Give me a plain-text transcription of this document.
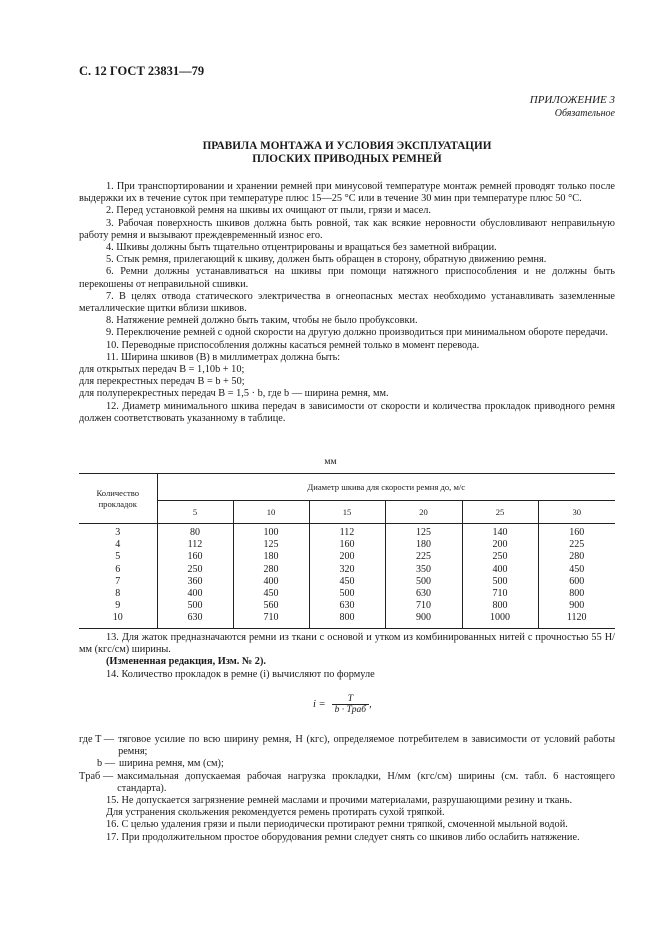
С. 12 ГОСТ 23831—79
ПРИЛОЖЕНИЕ 3
Обязательное
ПРАВИЛА МОНТАЖА И УСЛОВИЯ ЭКСПЛУАТАЦИИ
ПЛОСКИХ ПРИВОДНЫХ РЕМНЕЙ

1. При транспортировании и хранении ремней при минусовой температуре монтаж ремней проводят только после выдержки их в течение суток при температуре плюс 15—25 °С или в течение 30 мин при температуре плюс 50 °С.

2. Перед установкой ремня на шкивы их очищают от пыли, грязи и масел.

3. Рабочая поверхность шкивов должна быть ровной, так как всякие неровности обусловливают неправильную работу ремня и вызывают преждевременный износ его.

4. Шкивы должны быть тщательно отцентрированы и вращаться без заметной вибрации.

5. Стык ремня, прилегающий к шкиву, должен быть обращен в сторону, обратную движению ремня.

6. Ремни должны устанавливаться на шкивы при помощи натяжного приспособления и не должны быть перекошены от неправильной сшивки.

7. В целях отвода статического электричества в огнеопасных местах необходимо устанавливать заземленные металлические щитки вблизи шкивов.

8. Натяжение ремней должно быть таким, чтобы не было пробуксовки.

9. Переключение ремней с одной скорости на другую должно производиться при минимальном обороте передачи.

10. Переводные приспособления должны касаться ремней только в момент перевода.

11. Ширина шкивов (В) в миллиметрах должна быть:

для открытых передач В = 1,10b + 10;

для перекрестных передач В = b + 50;

для полуперекрестных передач В = 1,5 · b, где b — ширина ремня, мм.

12. Диаметр минимального шкива передач в зависимости от скорости и количества прокладок приводного ремня должен соответствовать указанному в таблице.

мм
Количество прокладок	Диаметр шкива для скорости ремня до, м/с					
	5	10	15	20	25	30
3	80	100	112	125	140	160
4	112	125	160	180	200	225
5	160	180	200	225	250	280
6	250	280	320	350	400	450
7	360	400	450	500	500	600
8	400	450	500	630	710	800
9	500	560	630	710	800	900
10	630	710	800	900	1000	1120

13. Для жаток предназначаются ремни из ткани с основой и утком из комбинированных нитей с прочностью 55 Н/мм (кгс/см) ширины.

(Измененная редакция, Изм. № 2).

14. Количество прокладок в ремне (i) вычисляют по формуле

$i = \frac{T}{\text{b · Tраб}}$ ,
где T — тяговое усилие по всю ширину ремня, Н (кгс), определяемое потребителем в зависимости от условий работы ремня;
b — ширина ремня, мм (см);
Tраб — максимальная допускаемая рабочая нагрузка прокладки, Н/мм (кгс/см) ширины (см. табл. 6 настоящего стандарта).

15. Не допускается загрязнение ремней маслами и прочими материалами, разрушающими резину и ткань.

Для устранения скольжения рекомендуется ремень протирать сухой тряпкой.

16. С целью удаления грязи и пыли периодически протирают ремни тряпкой, смоченной мыльной водой.

17. При продолжительном простое оборудования ремни следует снять со шкивов либо ослабить натяжение.
